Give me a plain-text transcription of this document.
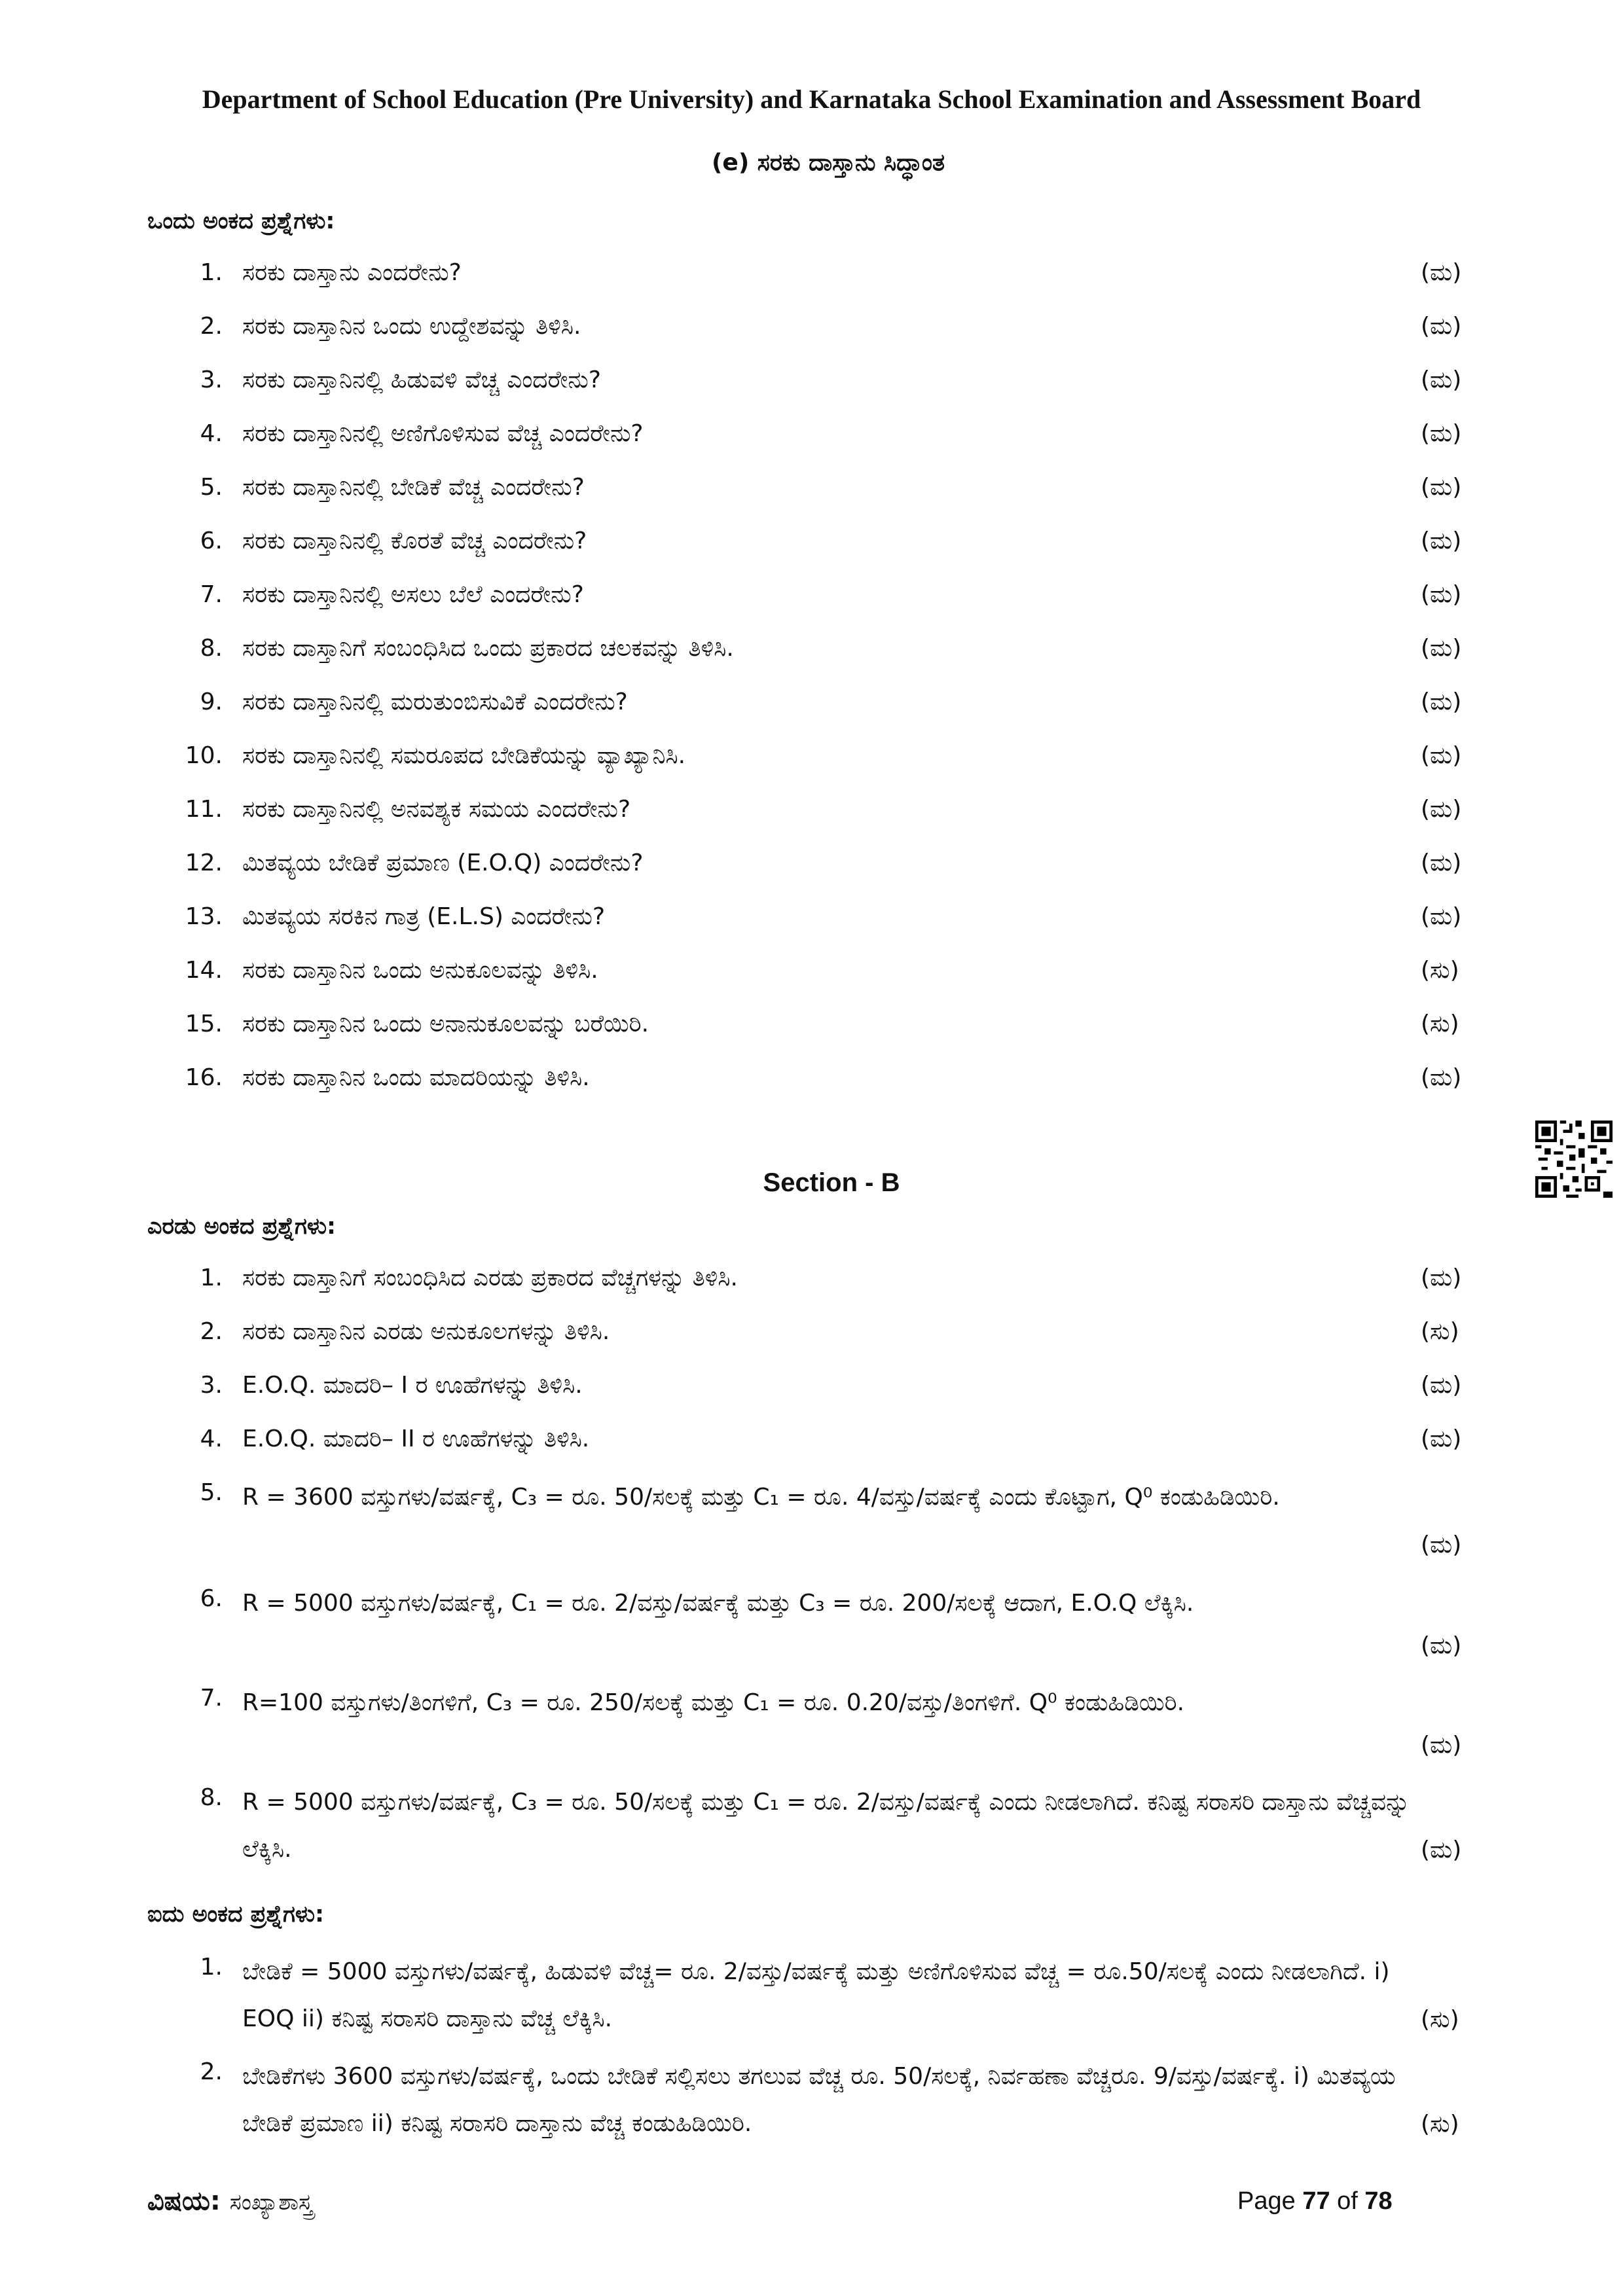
Department of School Education (Pre University) and Karnataka School Examination and Assessment Board
(e) ಸರಕು ದಾಸ್ತಾನು ಸಿದ್ಧಾಂತ
ಒಂದು ಅಂಕದ ಪ್ರಶ್ನೆಗಳು:
1. ಸರಕು ದಾಸ್ತಾನು ಎಂದರೇನು?	(ಮ)
2. ಸರಕು ದಾಸ್ತಾನಿನ ಒಂದು ಉದ್ದೇಶವನ್ನು ತಿಳಿಸಿ.	(ಮ)
3. ಸರಕು ದಾಸ್ತಾನಿನಲ್ಲಿ ಹಿಡುವಳಿ ವೆಚ್ಚ ಎಂದರೇನು?	(ಮ)
4. ಸರಕು ದಾಸ್ತಾನಿನಲ್ಲಿ ಅಣಿಗೊಳಿಸುವ ವೆಚ್ಚ ಎಂದರೇನು?	(ಮ)
5. ಸರಕು ದಾಸ್ತಾನಿನಲ್ಲಿ ಬೇಡಿಕೆ ವೆಚ್ಚ ಎಂದರೇನು?	(ಮ)
6. ಸರಕು ದಾಸ್ತಾನಿನಲ್ಲಿ ಕೊರತೆ ವೆಚ್ಚ ಎಂದರೇನು?	(ಮ)
7. ಸರಕು ದಾಸ್ತಾನಿನಲ್ಲಿ ಅಸಲು ಬೆಲೆ ಎಂದರೇನು?	(ಮ)
8. ಸರಕು ದಾಸ್ತಾನಿಗೆ ಸಂಬಂಧಿಸಿದ ಒಂದು ಪ್ರಕಾರದ ಚಲಕವನ್ನು ತಿಳಿಸಿ.	(ಮ)
9. ಸರಕು ದಾಸ್ತಾನಿನಲ್ಲಿ ಮರುತುಂಬಿಸುವಿಕೆ ಎಂದರೇನು?	(ಮ)
10. ಸರಕು ದಾಸ್ತಾನಿನಲ್ಲಿ ಸಮರೂಪದ ಬೇಡಿಕೆಯನ್ನು ವ್ಯಾಖ್ಯಾನಿಸಿ.	(ಮ)
11. ಸರಕು ದಾಸ್ತಾನಿನಲ್ಲಿ ಅನವಶ್ಯಕ ಸಮಯ ಎಂದರೇನು?	(ಮ)
12. ಮಿತವ್ಯಯ ಬೇಡಿಕೆ ಪ್ರಮಾಣ (E.O.Q) ಎಂದರೇನು?	(ಮ)
13. ಮಿತವ್ಯಯ ಸರಕಿನ ಗಾತ್ರ (E.L.S) ಎಂದರೇನು?	(ಮ)
14. ಸರಕು ದಾಸ್ತಾನಿನ ಒಂದು ಅನುಕೂಲವನ್ನು ತಿಳಿಸಿ.	(ಸು)
15. ಸರಕು ದಾಸ್ತಾನಿನ ಒಂದು ಅನಾನುಕೂಲವನ್ನು ಬರೆಯಿರಿ.	(ಸು)
16. ಸರಕು ದಾಸ್ತಾನಿನ ಒಂದು ಮಾದರಿಯನ್ನು ತಿಳಿಸಿ.	(ಮ)
Section - B
ಎರಡು ಅಂಕದ ಪ್ರಶ್ನೆಗಳು:
1. ಸರಕು ದಾಸ್ತಾನಿಗೆ ಸಂಬಂಧಿಸಿದ ಎರಡು ಪ್ರಕಾರದ ವೆಚ್ಚಗಳನ್ನು ತಿಳಿಸಿ.	(ಮ)
2. ಸರಕು ದಾಸ್ತಾನಿನ ಎರಡು ಅನುಕೂಲಗಳನ್ನು ತಿಳಿಸಿ.	(ಸು)
3. E.O.Q. ಮಾದರಿ– I ರ ಊಹೆಗಳನ್ನು ತಿಳಿಸಿ.	(ಮ)
4. E.O.Q. ಮಾದರಿ– II ರ ಊಹೆಗಳನ್ನು ತಿಳಿಸಿ.	(ಮ)
5. R = 3600 ವಸ್ತುಗಳು/ವರ್ಷಕ್ಕೆ, C₃ = ರೂ. 50/ಸಲಕ್ಕೆ ಮತ್ತು C₁ = ರೂ. 4/ವಸ್ತು/ವರ್ಷಕ್ಕೆ ಎಂದು ಕೊಟ್ಟಾಗ, Q⁰ ಕಂಡುಹಿಡಿಯಿರಿ.
(ಮ)
6. R = 5000 ವಸ್ತುಗಳು/ವರ್ಷಕ್ಕೆ, C₁ = ರೂ. 2/ವಸ್ತು/ವರ್ಷಕ್ಕೆ ಮತ್ತು C₃ = ರೂ. 200/ಸಲಕ್ಕೆ ಆದಾಗ, E.O.Q ಲೆಕ್ಕಿಸಿ.
(ಮ)
7. R=100 ವಸ್ತುಗಳು/ತಿಂಗಳಿಗೆ, C₃ = ರೂ. 250/ಸಲಕ್ಕೆ ಮತ್ತು C₁ = ರೂ. 0.20/ವಸ್ತು/ತಿಂಗಳಿಗೆ. Q⁰ ಕಂಡುಹಿಡಿಯಿರಿ.
(ಮ)
8. R = 5000 ವಸ್ತುಗಳು/ವರ್ಷಕ್ಕೆ, C₃ = ರೂ. 50/ಸಲಕ್ಕೆ ಮತ್ತು C₁ = ರೂ. 2/ವಸ್ತು/ವರ್ಷಕ್ಕೆ ಎಂದು ನೀಡಲಾಗಿದೆ. ಕನಿಷ್ಟ ಸರಾಸರಿ ದಾಸ್ತಾನು ವೆಚ್ಚವನ್ನು ಲೆಕ್ಕಿಸಿ.	(ಮ)
ಐದು ಅಂಕದ ಪ್ರಶ್ನೆಗಳು:
1. ಬೇಡಿಕೆ = 5000 ವಸ್ತುಗಳು/ವರ್ಷಕ್ಕೆ, ಹಿಡುವಳಿ ವೆಚ್ಚ= ರೂ. 2/ವಸ್ತು/ವರ್ಷಕ್ಕೆ ಮತ್ತು ಅಣಿಗೊಳಿಸುವ ವೆಚ್ಚ = ರೂ.50/ಸಲಕ್ಕೆ ಎಂದು ನೀಡಲಾಗಿದೆ. i) EOQ ii) ಕನಿಷ್ಟ ಸರಾಸರಿ ದಾಸ್ತಾನು ವೆಚ್ಚ ಲೆಕ್ಕಿಸಿ.	(ಸು)
2. ಬೇಡಿಕೆಗಳು 3600 ವಸ್ತುಗಳು/ವರ್ಷಕ್ಕೆ, ಒಂದು ಬೇಡಿಕೆ ಸಲ್ಲಿಸಲು ತಗಲುವ ವೆಚ್ಚ ರೂ. 50/ಸಲಕ್ಕೆ, ನಿರ್ವಹಣಾ ವೆಚ್ಚರೂ. 9/ವಸ್ತು/ವರ್ಷಕ್ಕೆ. i) ಮಿತವ್ಯಯ ಬೇಡಿಕೆ ಪ್ರಮಾಣ ii) ಕನಿಷ್ಟ ಸರಾಸರಿ ದಾಸ್ತಾನು ವೆಚ್ಚ ಕಂಡುಹಿಡಿಯಿರಿ.	(ಸು)
ವಿಷಯ: ಸಂಖ್ಯಾಶಾಸ್ತ್ರ	Page 77 of 78
